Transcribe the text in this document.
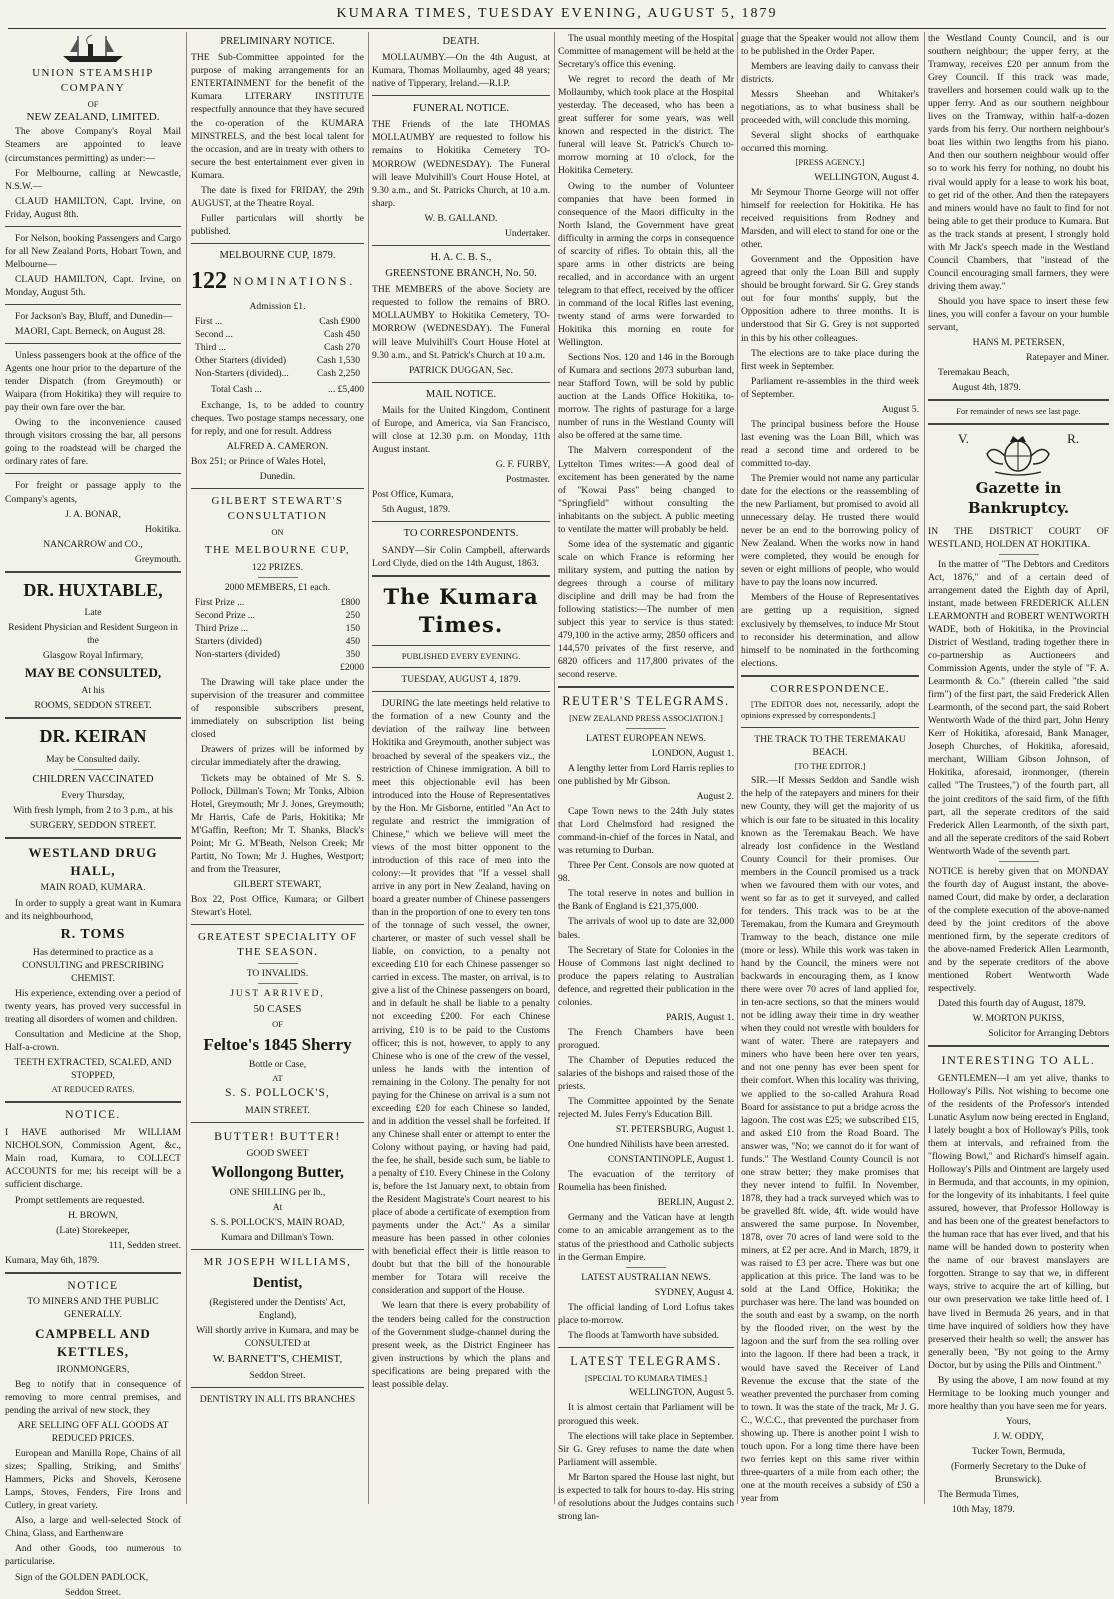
KUMARA TIMES, TUESDAY EVENING, AUGUST 5, 1879
UNION STEAMSHIP COMPANY
OF
NEW ZEALAND, LIMITED.

The above Company's Royal Mail Steamers are appointed to leave (circumstances permitting) as under:—

For Melbourne, calling at Newcastle, N.S.W.—

CLAUD HAMILTON, Capt. Irvine, on Friday, August 8th.

For Nelson, booking Passengers and Cargo for all New Zealand Ports, Hobart Town, and Melbourne—

CLAUD HAMILTON, Capt. Irvine, on Monday, August 5th.

For Jackson's Bay, Bluff, and Dunedin—

MAORI, Capt. Berneck, on August 28.

Unless passengers book at the office of the Agents one hour prior to the departure of the tender Dispatch (from Greymouth) or Waipara (from Hokitika) they will require to pay their own fare over the bar.

Owing to the inconvenience caused through visitors crossing the bar, all persons going to the roadstead will be charged the ordinary rates of fare.

For freight or passage apply to the Company's agents,

J. A. BONAR,

Hokitika.

NANCARROW and CO.,

Greymouth.

DR. HUXTABLE,

Late

Resident Physician and Resident Surgeon in the

Glasgow Royal Infirmary,

MAY BE CONSULTED,

At his

ROOMS, SEDDON STREET.

DR. KEIRAN

May be Consulted daily.

CHILDREN VACCINATED

Every Thursday,

With fresh lymph, from 2 to 3 p.m., at his

SURGERY, SEDDON STREET.

WESTLAND DRUG HALL,

MAIN ROAD, KUMARA.

In order to supply a great want in Kumara and its neighbourhood,

R. TOMS

Has determined to practice as a CONSULTING and PRESCRIBING CHEMIST.

His experience, extending over a period of twenty years, has proved very successful in treating all disorders of women and children.

Consultation and Medicine at the Shop, Half-a-crown.

TEETH EXTRACTED, SCALED, AND STOPPED,

AT REDUCED RATES.

NOTICE.

I HAVE authorised Mr WILLIAM NICHOLSON, Commission Agent, &c., Main road, Kumara, to COLLECT ACCOUNTS for me; his receipt will be a sufficient discharge.

Prompt settlements are requested.

H. BROWN,

(Late) Storekeeper,

111, Sedden street.

Kumara, May 6th, 1879.

NOTICE

TO MINERS AND THE PUBLIC GENERALLY.

CAMPBELL AND KETTLES,

IRONMONGERS,

Beg to notify that in consequence of removing to more central premises, and pending the arrival of new stock, they

ARE SELLING OFF ALL GOODS AT REDUCED PRICES.

European and Manilla Rope, Chains of all sizes; Spalling, Striking, and Smiths' Hammers, Picks and Shovels, Kerosene Lamps, Stoves, Fenders, Fire Irons and Cutlery, in great variety.

Also, a large and well-selected Stock of China, Glass, and Earthenware

And other Goods, too numerous to particularise.

Sign of the GOLDEN PADLOCK,

Seddon Street.

PRELIMINARY NOTICE.

THE Sub-Committee appointed for the purpose of making arrangements for an ENTERTAINMENT for the benefit of the Kumara LITERARY INSTITUTE respectfully announce that they have secured the co-operation of the KUMARA MINSTRELS, and the best local talent for the occasion, and are in treaty with others to secure the best entertainment ever given in Kumara.

The date is fixed for FRIDAY, the 29th AUGUST, at the Theatre Royal.

Fuller particulars will shortly be published.

MELBOURNE CUP, 1879.
122 NOMINATIONS.

Admission £1.

First ...	Cash £900
Second ...	Cash 450
Third ...	Cash 270
Other Starters (divided)	Cash 1,530
Non-Starters (divided)...	Cash 2,250
Total Cash ...	... £5,400

Exchange, 1s, to be added to country cheques. Two postage stamps necessary, one for reply, and one for result. Address

ALFRED A. CAMERON.

Box 251; or Prince of Wales Hotel,

Dunedin.

GILBERT STEWART'S CONSULTATION

ON

THE MELBOURNE CUP,

122 PRIZES.

2000 MEMBERS, £1 each.

First Prize ...	£800
Second Prize ...	250
Third Prize ...	150
Starters (divided)	450
Non-starters (divided)	350

£2000

The Drawing will take place under the supervision of the treasurer and committee of responsible subscribers present, immediately on subscription list being closed

Drawers of prizes will be informed by circular immediately after the drawing.

Tickets may be obtained of Mr S. S. Pollock, Dillman's Town; Mr Tonks, Albion Hotel, Greymouth; Mr J. Jones, Greymouth; Mr Harris, Cafe de Paris, Hokitika; Mr M'Gaffin, Reefton; Mr T. Shanks, Black's Point; Mr G. M'Beath, Nelson Creek; Mr Partitt, No Town; Mr J. Hughes, Westport; and from the Treasurer,

GILBERT STEWART,

Box 22, Post Office, Kumara; or Gilbert Stewart's Hotel.

GREATEST SPECIALITY OF THE SEASON.

TO INVALIDS.

JUST ARRIVED,

50 CASES

OF

Feltoe's 1845 Sherry

Bottle or Case,

AT

S. S. POLLOCK'S,

MAIN STREET.

BUTTER! BUTTER!

GOOD SWEET

Wollongong Butter,

ONE SHILLING per lb.,

At

S. S. POLLOCK'S, MAIN ROAD,

Kumara and Dillman's Town.

MR JOSEPH WILLIAMS,

Dentist,

(Registered under the Dentists' Act, England),

Will shortly arrive in Kumara, and may be CONSULTED at

W. BARNETT'S, CHEMIST,

Seddon Street.

DENTISTRY IN ALL ITS BRANCHES

DEATH.

MOLLAUMBY.—On the 4th August, at Kumara, Thomas Mollaumby, aged 48 years; native of Tipperary, Ireland.—R.I.P.

FUNERAL NOTICE.

THE Friends of the late THOMAS MOLLAUMBY are requested to follow his remains to Hokitika Cemetery TO-MORROW (WEDNESDAY). The Funeral will leave Mulvihill's Court House Hotel, at 9.30 a.m., and St. Patricks Church, at 10 a.m. sharp.

W. B. GALLAND.

Undertaker.

H. A. C. B. S.,

GREENSTONE BRANCH, No. 50.

THE MEMBERS of the above Society are requested to follow the remains of BRO. MOLLAUMBY to Hokitika Cemetery, TO-MORROW (WEDNESDAY). The Funeral will leave Mulvihill's Court House Hotel at 9.30 a.m., and St. Patrick's Church at 10 a.m.

PATRICK DUGGAN, Sec.

MAIL NOTICE.

Mails for the United Kingdom, Continent of Europe, and America, via San Francisco, will close at 12.30 p.m. on Monday, 11th August instant.

G. F. FURBY,

Postmaster.

Post Office, Kumara,

5th August, 1879.

TO CORRESPONDENTS.

SANDY—Sir Colin Campbell, afterwards Lord Clyde, died on the 14th August, 1863.

The Kumara Times.

PUBLISHED EVERY EVENING.

TUESDAY, AUGUST 4, 1879.

DURING the late meetings held relative to the formation of a new County and the deviation of the railway line between Hokitika and Greymouth, another subject was broached by several of the speakers viz., the restriction of Chinese immigration. A bill to meet this objectionable evil has been introduced into the House of Representatives by the Hon. Mr Gisborne, entitled "An Act to regulate and restrict the immigration of Chinese," which we believe will meet the views of the most bitter opponent to the introduction of this race of men into the colony:—It provides that "If a vessel shall arrive in any port in New Zealand, having on board a greater number of Chinese passengers than in the proportion of one to every ten tons of the tonnage of such vessel, the owner, charterer, or master of such vessel shall be liable, on conviction, to a penalty not exceeding £10 for each Chinese passenger so carried in excess. The master, on arrival, is to give a list of the Chinese passengers on board, and in default he shall be liable to a penalty not exceeding £200. For each Chinese arriving, £10 is to be paid to the Customs officer; this is not, however, to apply to any Chinese who is one of the crew of the vessel, unless he lands with the intention of remaining in the Colony. The penalty for not paying for the Chinese on arrival is a sum not exceeding £20 for each Chinese so landed, and in addition the vessel shall be forfeited. If any Chinese shall enter or attempt to enter the Colony without paying, or having had paid, the fee, he shall, beside such sum, be liable to a penalty of £10. Every Chinese in the Colony is, before the 1st January next, to obtain from the Resident Magistrate's Court nearest to his place of abode a certificate of exemption from payments under the Act." As a similar measure has been passed in other colonies with beneficial effect their is little reason to doubt but that the bill of the honourable member for Totara will receive the consideration and support of the House.

We learn that there is every probability of the tenders being called for the construction of the Government sludge-channel during the present week, as the District Engineer has given instructions by which the plans and specifications are being prepared with the least possible delay.

The usual monthly meeting of the Hospital Committee of management will be held at the Secretary's office this evening.

We regret to record the death of Mr Mollaumby, which took place at the Hospital yesterday. The deceased, who has been a great sufferer for some years, was well known and respected in the district. The funeral will leave St. Patrick's Church to-morrow morning at 10 o'clock, for the Hokitika Cemetery.

Owing to the number of Volunteer companies that have been formed in consequence of the Maori difficulty in the North Island, the Government have great difficulty in arming the corps in consequence of scarcity of rifles. To obtain this, all the spare arms in other districts are being recalled, and in accordance with an urgent telegram to that effect, received by the officer in command of the local Rifles last evening, twenty stand of arms were forwarded to Hokitika this morning en route for Wellington.

Sections Nos. 120 and 146 in the Borough of Kumara and sections 2073 suburban land, near Stafford Town, will be sold by public auction at the Lands Office Hokitika, to-morrow. The rights of pasturage for a large number of runs in the Westland County will also be offered at the same time.

The Malvern correspondent of the Lyttelton Times writes:—A good deal of excitement has been generated by the name of "Kowai Pass" being changed to "Springfield" without consulting the inhabitants on the subject. A public meeting to ventilate the matter will probably be held.

Some idea of the systematic and gigantic scale on which France is reforming her military system, and putting the nation by degrees through a course of military discipline and drill may be had from the following statistics:—The number of men subject this year to service is thus stated: 479,100 in the active army, 2850 officers and 144,570 privates of the first reserve, and 6820 officers and 117,800 privates of the second reserve.

REUTER'S TELEGRAMS.

[NEW ZEALAND PRESS ASSOCIATION.]

LATEST EUROPEAN NEWS.

LONDON, August 1.

A lengthy letter from Lord Harris replies to one published by Mr Gibson.

August 2.

Cape Town news to the 24th July states that Lord Chelmsford had resigned the command-in-chief of the forces in Natal, and was returning to Durban.

Three Per Cent. Consols are now quoted at 98.

The total reserve in notes and bullion in the Bank of England is £21,375,000.

The arrivals of wool up to date are 32,000 bales.

The Secretary of State for Colonies in the House of Commons last night declined to produce the papers relating to Australian defence, and regretted their publication in the colonies.

PARIS, August 1.

The French Chambers have been prorogued.

The Chamber of Deputies reduced the salaries of the bishops and raised those of the priests.

The Committee appointed by the Senate rejected M. Jules Ferry's Education Bill.

ST. PETERSBURG, August 1.

One hundred Nihilists have been arrested.

CONSTANTINOPLE, August 1.

The evacuation of the territory of Roumelia has been finished.

BERLIN, August 2.

Germany and the Vatican have at length come to an amicable arrangement as to the status of the priesthood and Catholic subjects in the German Empire.

LATEST AUSTRALIAN NEWS.

SYDNEY, August 4.

The official landing of Lord Loftus takes place to-morrow.

The floods at Tamworth have subsided.

LATEST TELEGRAMS.

[SPECIAL TO KUMARA TIMES.]

WELLINGTON, August 5.

It is almost certain that Parliament will be prorogued this week.

The elections will take place in September. Sir G. Grey refuses to name the date when Parliament will assemble.

Mr Barton spared the House last night, but is expected to talk for hours to-day. His string of resolutions about the Judges contains such strong lan-

guage that the Speaker would not allow them to be published in the Order Paper.

Members are leaving daily to canvass their districts.

Messrs Sheehan and Whitaker's negotiations, as to what business shall be proceeded with, will conclude this morning.

Several slight shocks of earthquake occurred this morning.

[PRESS AGENCY.]

WELLINGTON, August 4.

Mr Seymour Thorne George will not offer himself for reelection for Hokitika. He has received requisitions from Rodney and Marsden, and will elect to stand for one or the other.

Government and the Opposition have agreed that only the Loan Bill and supply should be brought forward. Sir G. Grey stands out for four months' supply, but the Opposition adhere to three months. It is understood that Sir G. Grey is not supported in this by his other colleagues.

The elections are to take place during the first week in September.

Parliament re-assembles in the third week of September.

August 5.

The principal business before the House last evening was the Loan Bill, which was read a second time and ordered to be committed to-day.

The Premier would not name any particular date for the elections or the reassembling of the new Parliament, but promised to avoid all unnecessary delay. He trusted there would never be an end to the borrowing policy of New Zealand. When the works now in hand were completed, they would be enough for seven or eight millions of people, who would have to pay the loans now incurred.

Members of the House of Representatives are getting up a requisition, signed exclusively by themselves, to induce Mr Stout to reconsider his determination, and allow himself to be nominated in the forthcoming elections.

CORRESPONDENCE.

[The EDITOR does not, necessarily, adopt the opinions expressed by correspondents.]

THE TRACK TO THE TEREMAKAU BEACH.

[TO THE EDITOR.]

SIR.—If Messrs Seddon and Sandle wish the help of the ratepayers and miners for their new County, they will get the majority of us which is our fate to be situated in this locality known as the Teremakau Beach. We have already lost confidence in the Westland County Council for their promises. Our members in the Council promised us a track when we favoured them with our votes, and went so far as to get it surveyed, and called for tenders. This track was to be at the Teremakau, from the Kumara and Greymouth Tramway to the beach, distance one mile (more or less). While this work was taken in hand by the Council, the miners were not backwards in encouraging them, as I know there were over 70 acres of land applied for, in ten-acre sections, so that the miners would not be idling away their time in dry weather when they could not wrestle with boulders for want of water. There are ratepayers and miners who have been here over ten years, and not one penny has ever been spent for their comfort. When this locality was thriving, we applied to the so-called Arahura Road Board for assistance to put a bridge across the lagoon. The cost was £25; we subscribed £15, and asked £10 from the Road Board. The answer was, "No; we cannot do it for want of funds." The Westland County Council is not one straw better; they make promises that they never intend to fulfil. In November, 1878, they had a track surveyed which was to be gravelled 8ft. wide, 4ft. wide would have answered the same purpose. In November, 1878, over 70 acres of land were sold to the miners, at £2 per acre. And in March, 1879, it was raised to £3 per acre. There was but one application at this price. The land was to be sold at the Land Office, Hokitika; the purchaser was here. The land was bounded on the south and east by a swamp, on the north by the flooded river, on the west by the lagoon and the surf from the sea rolling over into the lagoon. If there had been a track, it would have saved the Receiver of Land Revenue the excuse that the state of the weather prevented the purchaser from coming to town. It was the state of the track, Mr J. G. C., W.C.C., that prevented the purchaser from showing up. There is another point I wish to touch upon. For a long time there have been two ferries kept on this same river within three-quarters of a mile from each other; the one at the mouth receives a subsidy of £50 a year from

the Westland County Council, and is our southern neighbour; the upper ferry, at the Tramway, receives £20 per annum from the Grey Council. If this track was made, travellers and horsemen could walk up to the upper ferry. And as our southern neighbour lives on the Tramway, within half-a-dozen yards from his ferry. Our northern neighbour's boat lies within two lengths from his piano. And then our southern neighbour would offer so to work his ferry for nothing, no doubt his rival would apply for a lease to work his boat, to get rid of the other. And then the ratepayers and miners would have no fault to find for not being able to get their produce to Kumara. But as the track stands at present, I strongly hold with Mr Jack's speech made in the Westland Council Chambers, that "instead of the Council encouraging small farmers, they were driving them away."

Should you have space to insert these few lines, you will confer a favour on your humble servant,

HANS M. PETERSEN,

Ratepayer and Miner.

Teremakau Beach,

August 4th, 1879.

For remainder of news see last page.

V.	R.
Gazette in Bankruptcy.

IN THE DISTRICT COURT OF WESTLAND, HOLDEN AT HOKITIKA.

In the matter of "The Debtors and Creditors Act, 1876," and of a certain deed of arrangement dated the Eighth day of April, instant, made between FREDERICK ALLEN LEARMONTH and ROBERT WENTWORTH WADE, both of Hokitika, in the Provincial District of Westland, trading together there in co-partnership as Auctioneers and Commission Agents, under the style of "F. A. Learmonth & Co." (therein called "the said firm") of the first part, the said Frederick Allen Learmonth, of the second part, the said Robert Wentworth Wade of the third part, John Henry Kerr of Hokitika, aforesaid, Bank Manager, Joseph Churches, of Hokitika, aforesaid, merchant, William Gibson Johnson, of Hokitika, aforesaid, ironmonger, (therein called "The Trustees,") of the fourth part, all the joint creditors of the said firm, of the fifth part, all the seperate creditors of the said Frederick Allen Learmonth, of the sixth part, and all the seperate creditors of the said Robert Wentworth Wade of the seventh part.

NOTICE is hereby given that on MONDAY the fourth day of August instant, the above-named Court, did make by order, a declaration of the complete execution of the above-named deed by the joint creditors of the above mentioned firm, by the seperate creditors of the above-named Frederick Allen Learmonth, and by the seperate creditors of the above mentioned Robert Wentworth Wade respectively.

Dated this fourth day of August, 1879.

W. MORTON PUKISS,

Solicitor for Arranging Debtors

INTERESTING TO ALL.

GENTLEMEN—I am yet alive, thanks to Holloway's Pills. Not wishing to become one of the residents of the Professor's intended Lunatic Asylum now being erected in England, I lately bought a box of Holloway's Pills, took them at intervals, and refrained from the "flowing Bowl," and Richard's himself again. Holloway's Pills and Ointment are largely used in Bermuda, and that accounts, in my opinion, for the longevity of its inhabitants. I feel quite assured, however, that Professor Holloway is and has been one of the greatest benefactors to the human race that has ever lived, and that his name will be handed down to posterity when the name of our bravest manslayers are forgotten. Strange to say that we, in different ways, strive to acquire the art of killing, but our own preservation we take little heed of. I have lived in Bermuda 26 years, and in that time have inquired of soldiers how they have preserved their health so well; the answer has generally been, "By not going to the Army Doctor, but by using the Pills and Ointment."

By using the above, I am now found at my Hermitage to be looking much younger and more healthy than you have seen me for years.

Yours,

J. W. ODDY,

Tucker Town, Bermuda,

(Formerly Secretary to the Duke of Brunswick).

The Bermuda Times,

10th May, 1879.
